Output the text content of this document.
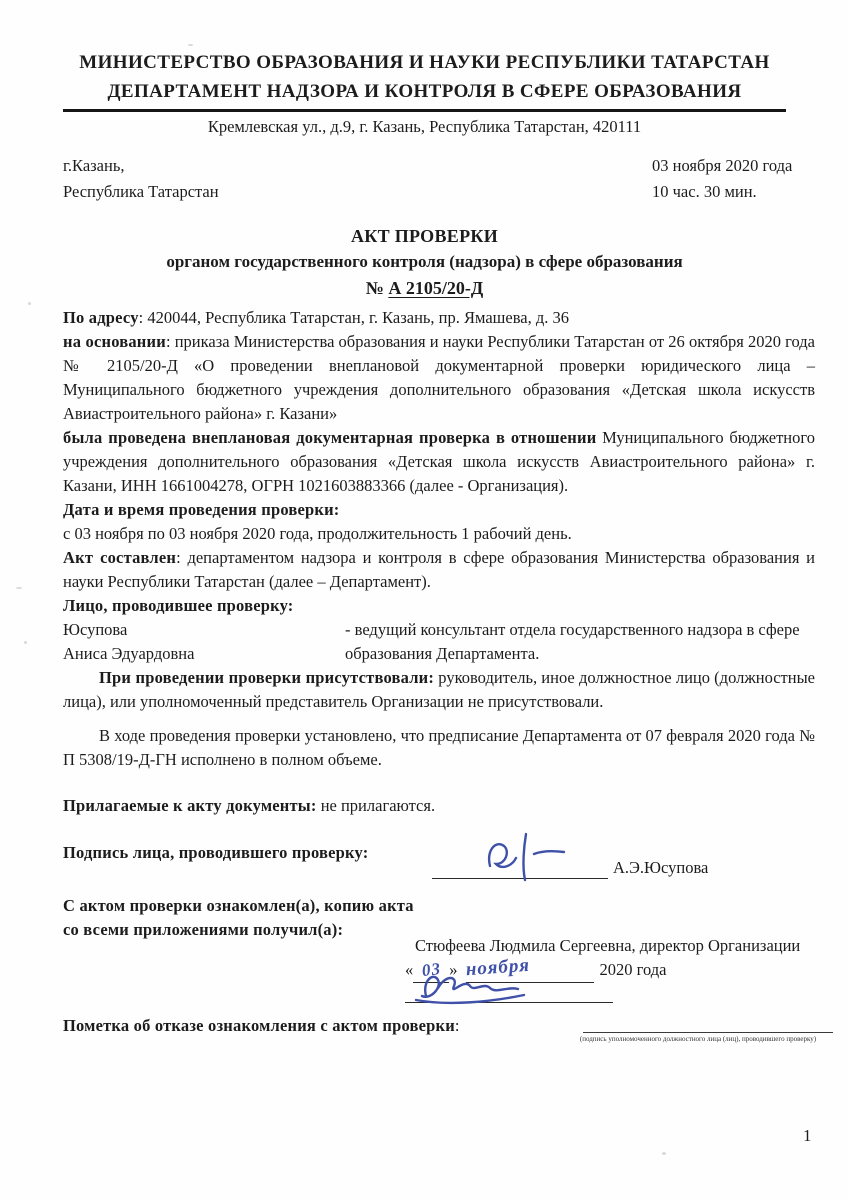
МИНИСТЕРСТВО ОБРАЗОВАНИЯ И НАУКИ РЕСПУБЛИКИ ТАТАРСТАН
ДЕПАРТАМЕНТ НАДЗОРА И КОНТРОЛЯ В СФЕРЕ ОБРАЗОВАНИЯ
Кремлевская ул., д.9, г. Казань, Республика Татарстан, 420111
г.Казань,
Республика Татарстан
03 ноября 2020 года
10 час. 30 мин.
АКТ ПРОВЕРКИ
органом государственного контроля (надзора) в сфере образования
№ А 2105/20-Д

По адресу: 420044, Республика Татарстан, г. Казань, пр. Ямашева, д. 36

на основании: приказа Министерства образования и науки Республики Татарстан от 26 октября 2020 года № 2105/20-Д «О проведении внеплановой документарной проверки юридического лица – Муниципального бюджетного учреждения дополнительного образования «Детская школа искусств Авиастроительного района» г. Казани»

была проведена внеплановая документарная проверка в отношении Муниципального бюджетного учреждения дополнительного образования «Детская школа искусств Авиастроительного района» г. Казани, ИНН 1661004278, ОГРН 1021603883366 (далее - Организация).

Дата и время проведения проверки:

с 03 ноября по 03 ноября 2020 года, продолжительность 1 рабочий день.

Акт составлен: департаментом надзора и контроля в сфере образования Министерства образования и науки Республики Татарстан (далее – Департамент).

Лицо, проводившее проверку:

Юсупова
Аниса Эдуардовна
- ведущий консультант отдела государственного надзора в сфере
образования Департамента.

При проведении проверки присутствовали: руководитель, иное должностное лицо (должностные лица), или уполномоченный представитель Организации не присутствовали.

В ходе проведения проверки установлено, что предписание Департамента от 07 февраля 2020 года № П 5308/19-Д-ГН исполнено в полном объеме.

Прилагаемые к акту документы: не прилагаются.

Подпись лица, проводившего проверку:
А.Э.Юсупова
С актом проверки ознакомлен(а), копию акта
со всеми приложениями получил(а):
Стюфеева Людмила Сергеевна, директор Организации
« 03 » ноября	2020 года
Пометка об отказе ознакомления с актом проверки:
(подпись уполномоченного должностного лица (лиц), проводившего проверку)
1
